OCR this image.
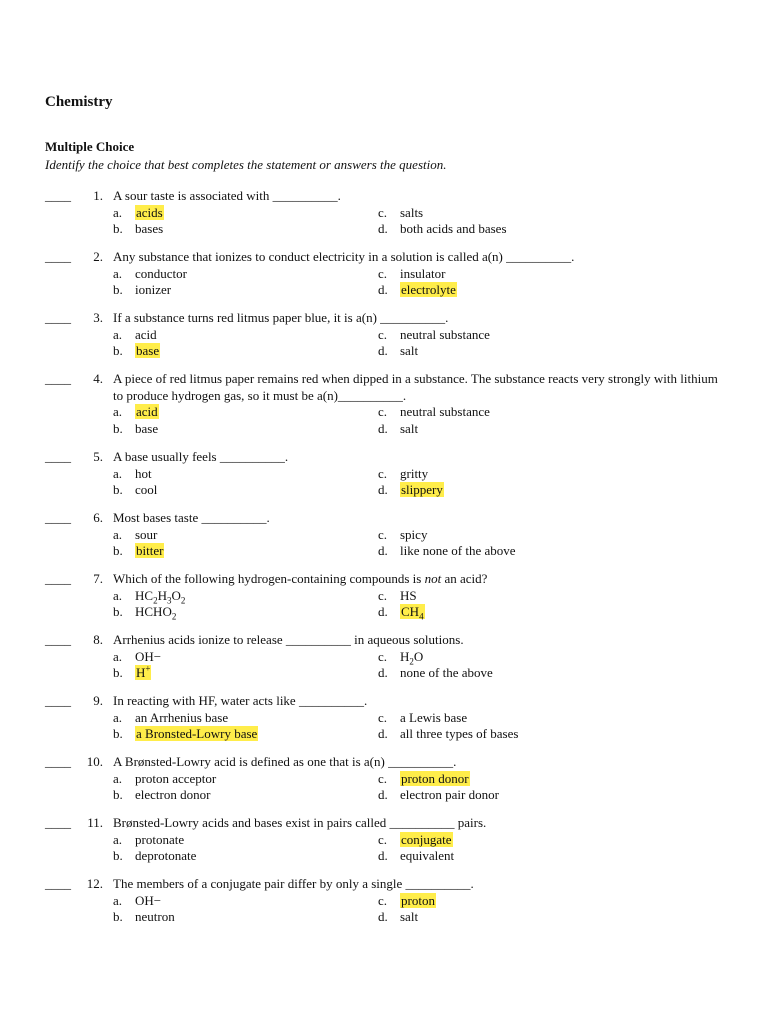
Chemistry
Multiple Choice
Identify the choice that best completes the statement or answers the question.
____	1. A sour taste is associated with __________.
a. acids
b. bases
c. salts
d. both acids and bases
____	2. Any substance that ionizes to conduct electricity in a solution is called a(n) __________.
a. conductor
b. ionizer
c. insulator
d. electrolyte
____	3. If a substance turns red litmus paper blue, it is a(n) __________.
a. acid
b. base
c. neutral substance
d. salt
____	4. A piece of red litmus paper remains red when dipped in a substance. The substance reacts very strongly with lithium to produce hydrogen gas, so it must be a(n)__________.
a. acid
b. base
c. neutral substance
d. salt
____	5. A base usually feels __________.
a. hot
b. cool
c. gritty
d. slippery
____	6. Most bases taste __________.
a. sour
b. bitter
c. spicy
d. like none of the above
____	7. Which of the following hydrogen-containing compounds is not an acid?
a. $HC_2H_3O_2$
b. $HCHO_2$
c. HS
d. $CH_4$
____	8. Arrhenius acids ionize to release __________ in aqueous solutions.
a. OH−
b. H+
c. $H_2O$
d. none of the above
____	9. In reacting with HF, water acts like __________.
a. an Arrhenius base
b. a Bronsted-Lowry base
c. a Lewis base
d. all three types of bases
____	10. A Brønsted-Lowry acid is defined as one that is a(n) __________.
a. proton acceptor
b. electron donor
c. proton donor
d. electron pair donor
____	11. Brønsted-Lowry acids and bases exist in pairs called __________ pairs.
a. protonate
b. deprotonate
c. conjugate
d. equivalent
____	12. The members of a conjugate pair differ by only a single __________.
a. OH−
b. neutron
c. proton
d. salt
